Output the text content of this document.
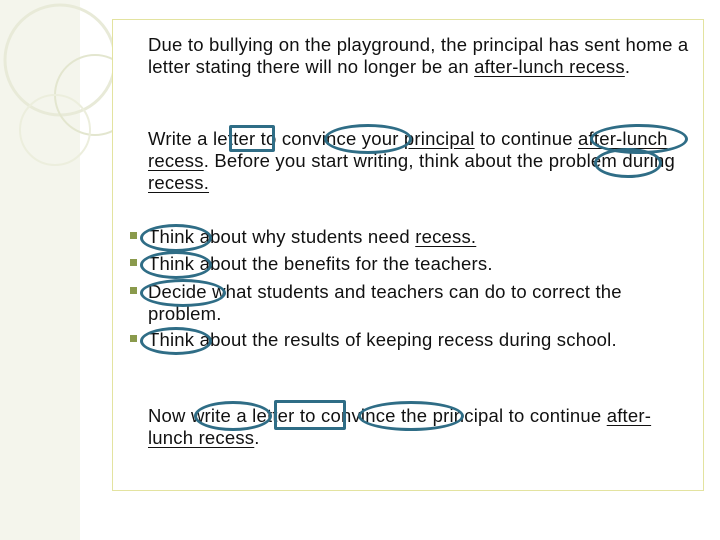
Due to bullying on the playground, the principal has sent home a letter stating there will no longer be an after-lunch recess.
Write a letter to convince your principal to continue after-lunch recess. Before you start writing, think about the problem during recess.
Think about why students need recess.
Think about the benefits for the teachers.
Decide what students and teachers can do to correct the problem.
Think about the results of keeping recess during school.
Now write a letter to convince the principal to continue after-lunch recess.
